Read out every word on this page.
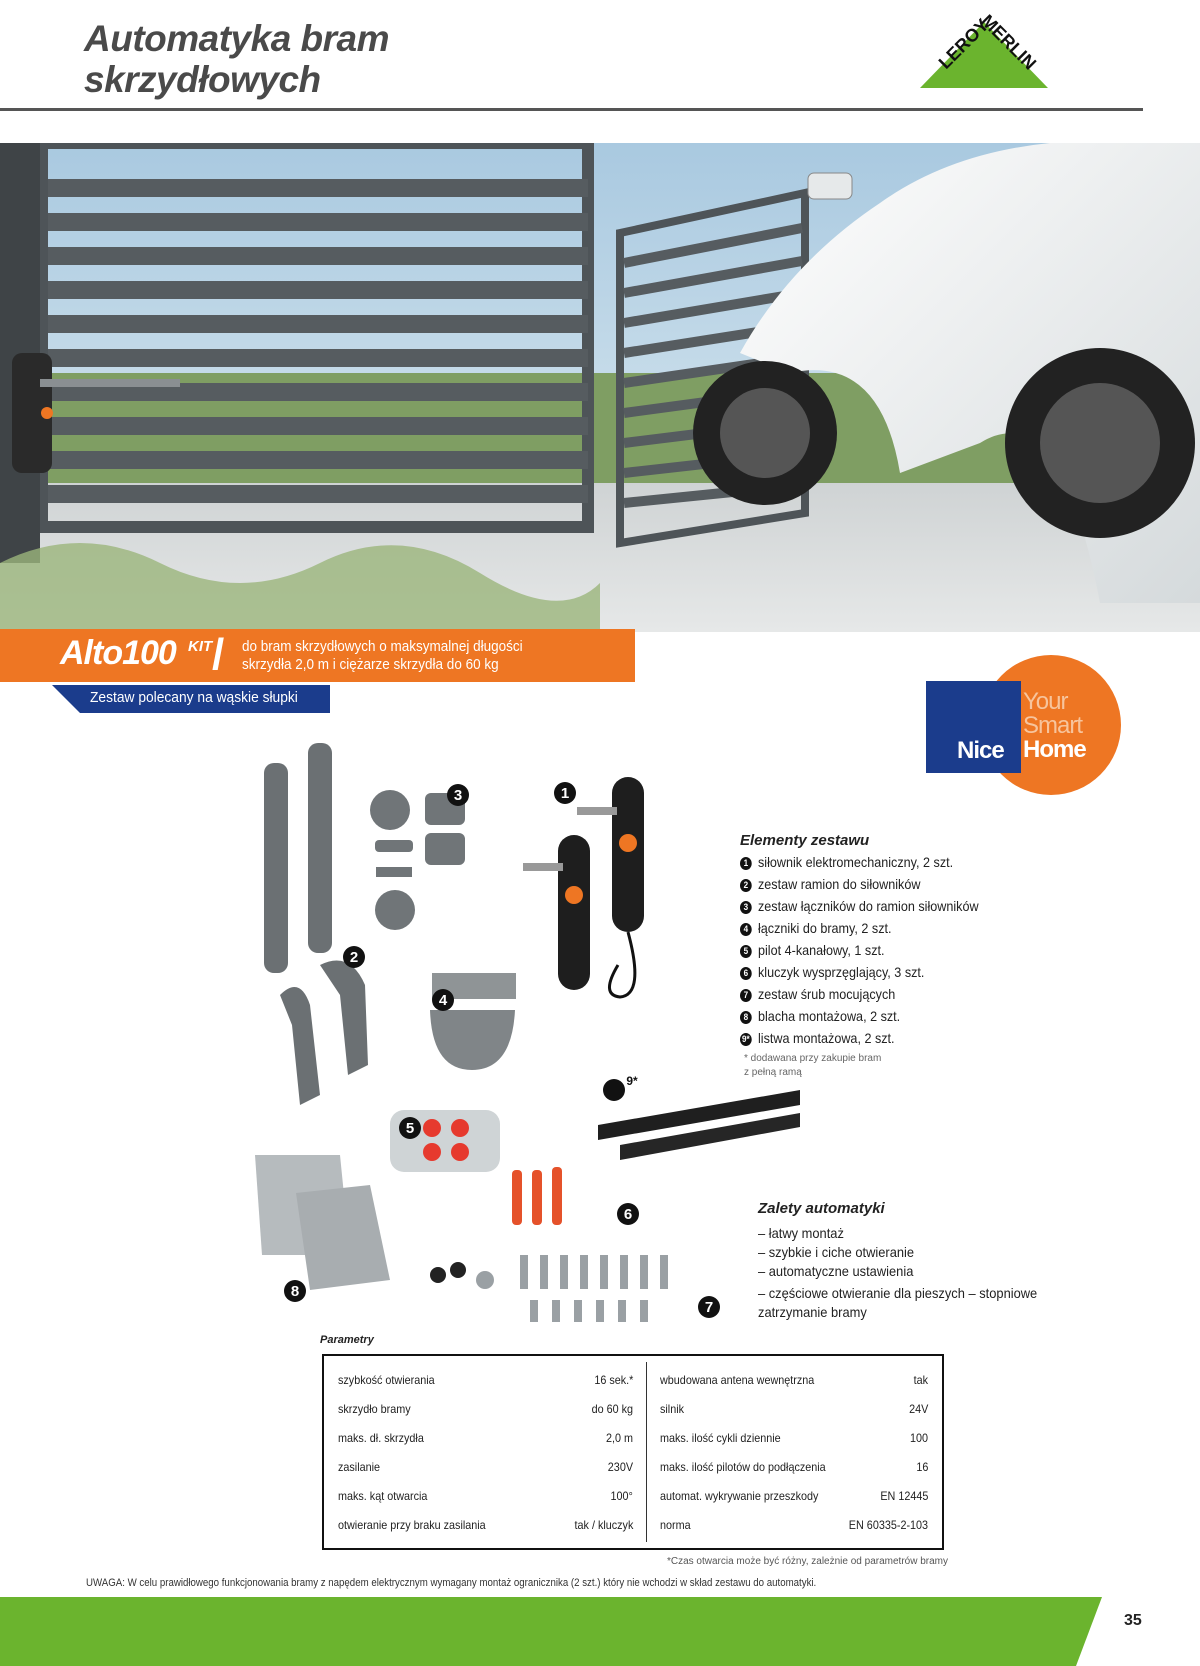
Automatyka bram
skrzydłowych
LEROY
MERLIN
Alto100 KIT / do bram skrzydłowych o maksymalnej długości
skrzydła 2,0 m i ciężarze skrzydła do 60 kg
Zestaw polecany na wąskie słupki
Nice
Your
Smart
Home
1
2
3
4
5
6
7
8
9*
Elementy zestawu
1 siłownik elektromechaniczny, 2 szt.
2 zestaw ramion do siłowników
3 zestaw łączników do ramion siłowników
4 łączniki do bramy, 2 szt.
5 pilot 4-kanałowy, 1 szt.
6 kluczyk wysprzęglający, 3 szt.
7 zestaw śrub mocujących
8 blacha montażowa, 2 szt.
9* listwa montażowa, 2 szt.
* dodawana przy zakupie bram
z pełną ramą
Zalety automatyki
– łatwy montaż
– szybkie i ciche otwieranie
– automatyczne ustawienia
– częściowe otwieranie dla pieszych – stopniowe zatrzymanie bramy
Parametry
szybkość otwierania	16 sek.*
skrzydło bramy	do 60 kg
maks. dł. skrzydła	2,0 m
zasilanie	230V
maks. kąt otwarcia	100°
otwieranie przy braku zasilania	tak / kluczyk
wbudowana antena wewnętrzna	tak
silnik	24V
maks. ilość cykli dziennie	100
maks. ilość pilotów do podłączenia	16
automat. wykrywanie przeszkody	EN 12445
norma	EN 60335-2-103
*Czas otwarcia może być różny, zależnie od parametrów bramy
UWAGA: W celu prawidłowego funkcjonowania bramy z napędem elektrycznym wymagany montaż ogranicznika (2 szt.) który nie wchodzi w skład zestawu do automatyki.
35
